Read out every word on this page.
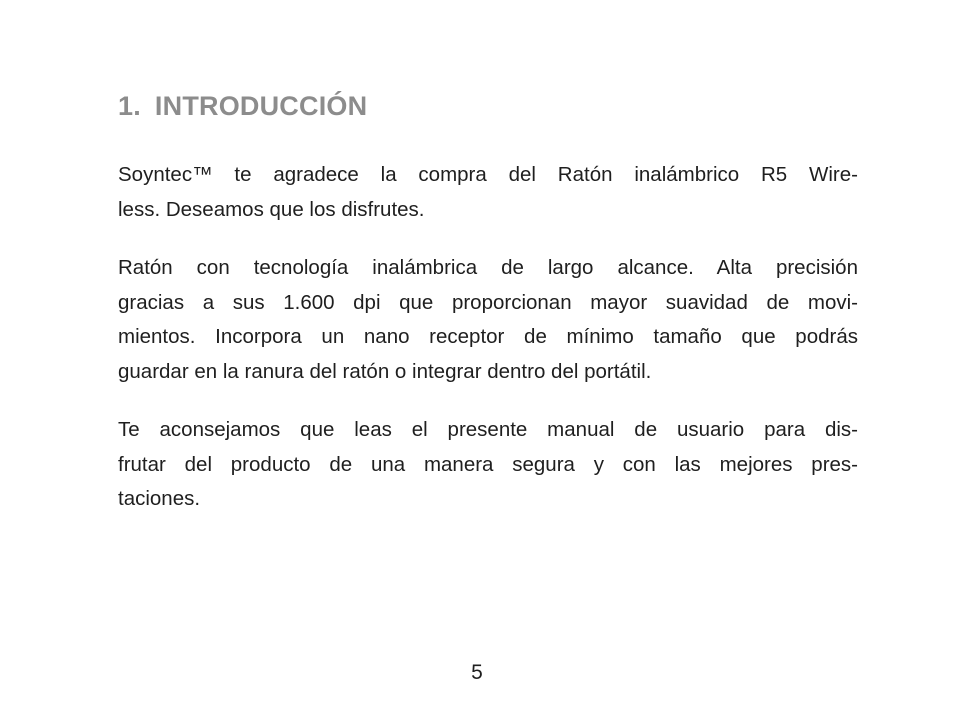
1. INTRODUCCIÓN

Soyntec™ te agradece la compra del Ratón inalámbrico R5 Wire-
less. Deseamos que los disfrutes.

Ratón con tecnología inalámbrica de largo alcance. Alta precisión
gracias a sus 1.600 dpi que proporcionan mayor suavidad de movi-
mientos. Incorpora un nano receptor de mínimo tamaño que podrás
guardar en la ranura del ratón o integrar dentro del portátil.

Te aconsejamos que leas el presente manual de usuario para dis-
frutar del producto de una manera segura y con las mejores pres-
taciones.

5
